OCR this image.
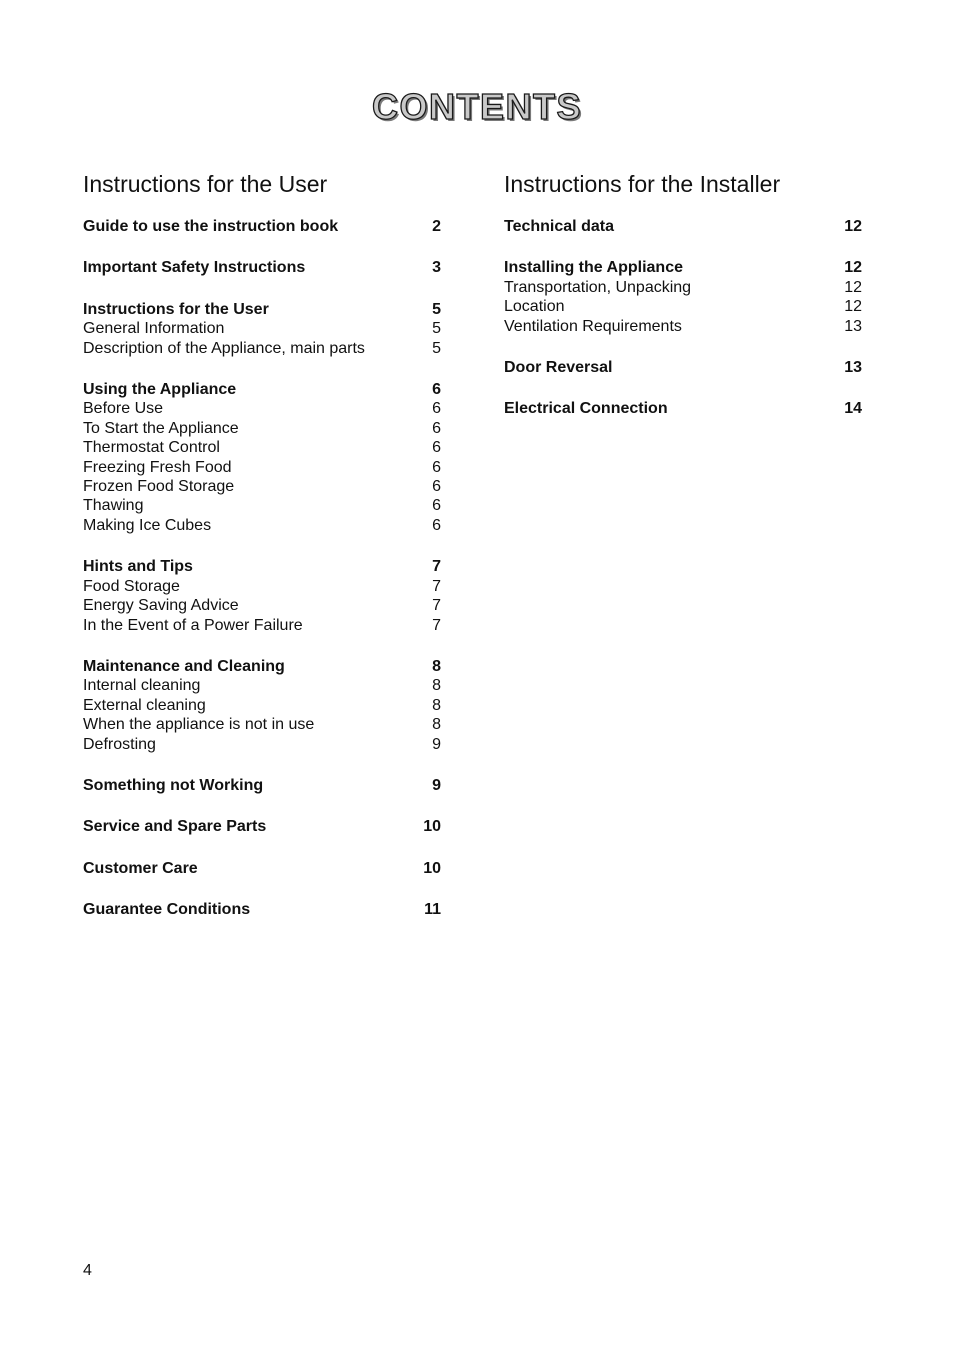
CONTENTS
Instructions for the User
Guide to use the instruction book	2
Important Safety Instructions	3
Instructions for the User	5
General Information	5
Description of the Appliance, main parts	5
Using the Appliance	6
Before Use	6
To Start the Appliance	6
Thermostat Control	6
Freezing Fresh Food	6
Frozen Food Storage	6
Thawing	6
Making Ice Cubes	6
Hints and Tips	7
Food Storage	7
Energy Saving Advice	7
In the Event of a Power Failure	7
Maintenance and Cleaning	8
Internal cleaning	8
External cleaning	8
When the appliance is not in use	8
Defrosting	9
Something not Working	9
Service and Spare Parts	10
Customer Care	10
Guarantee Conditions	11
Instructions for the Installer
Technical data	12
Installing the Appliance	12
Transportation, Unpacking	12
Location	12
Ventilation Requirements	13
Door Reversal	13
Electrical Connection	14
4
